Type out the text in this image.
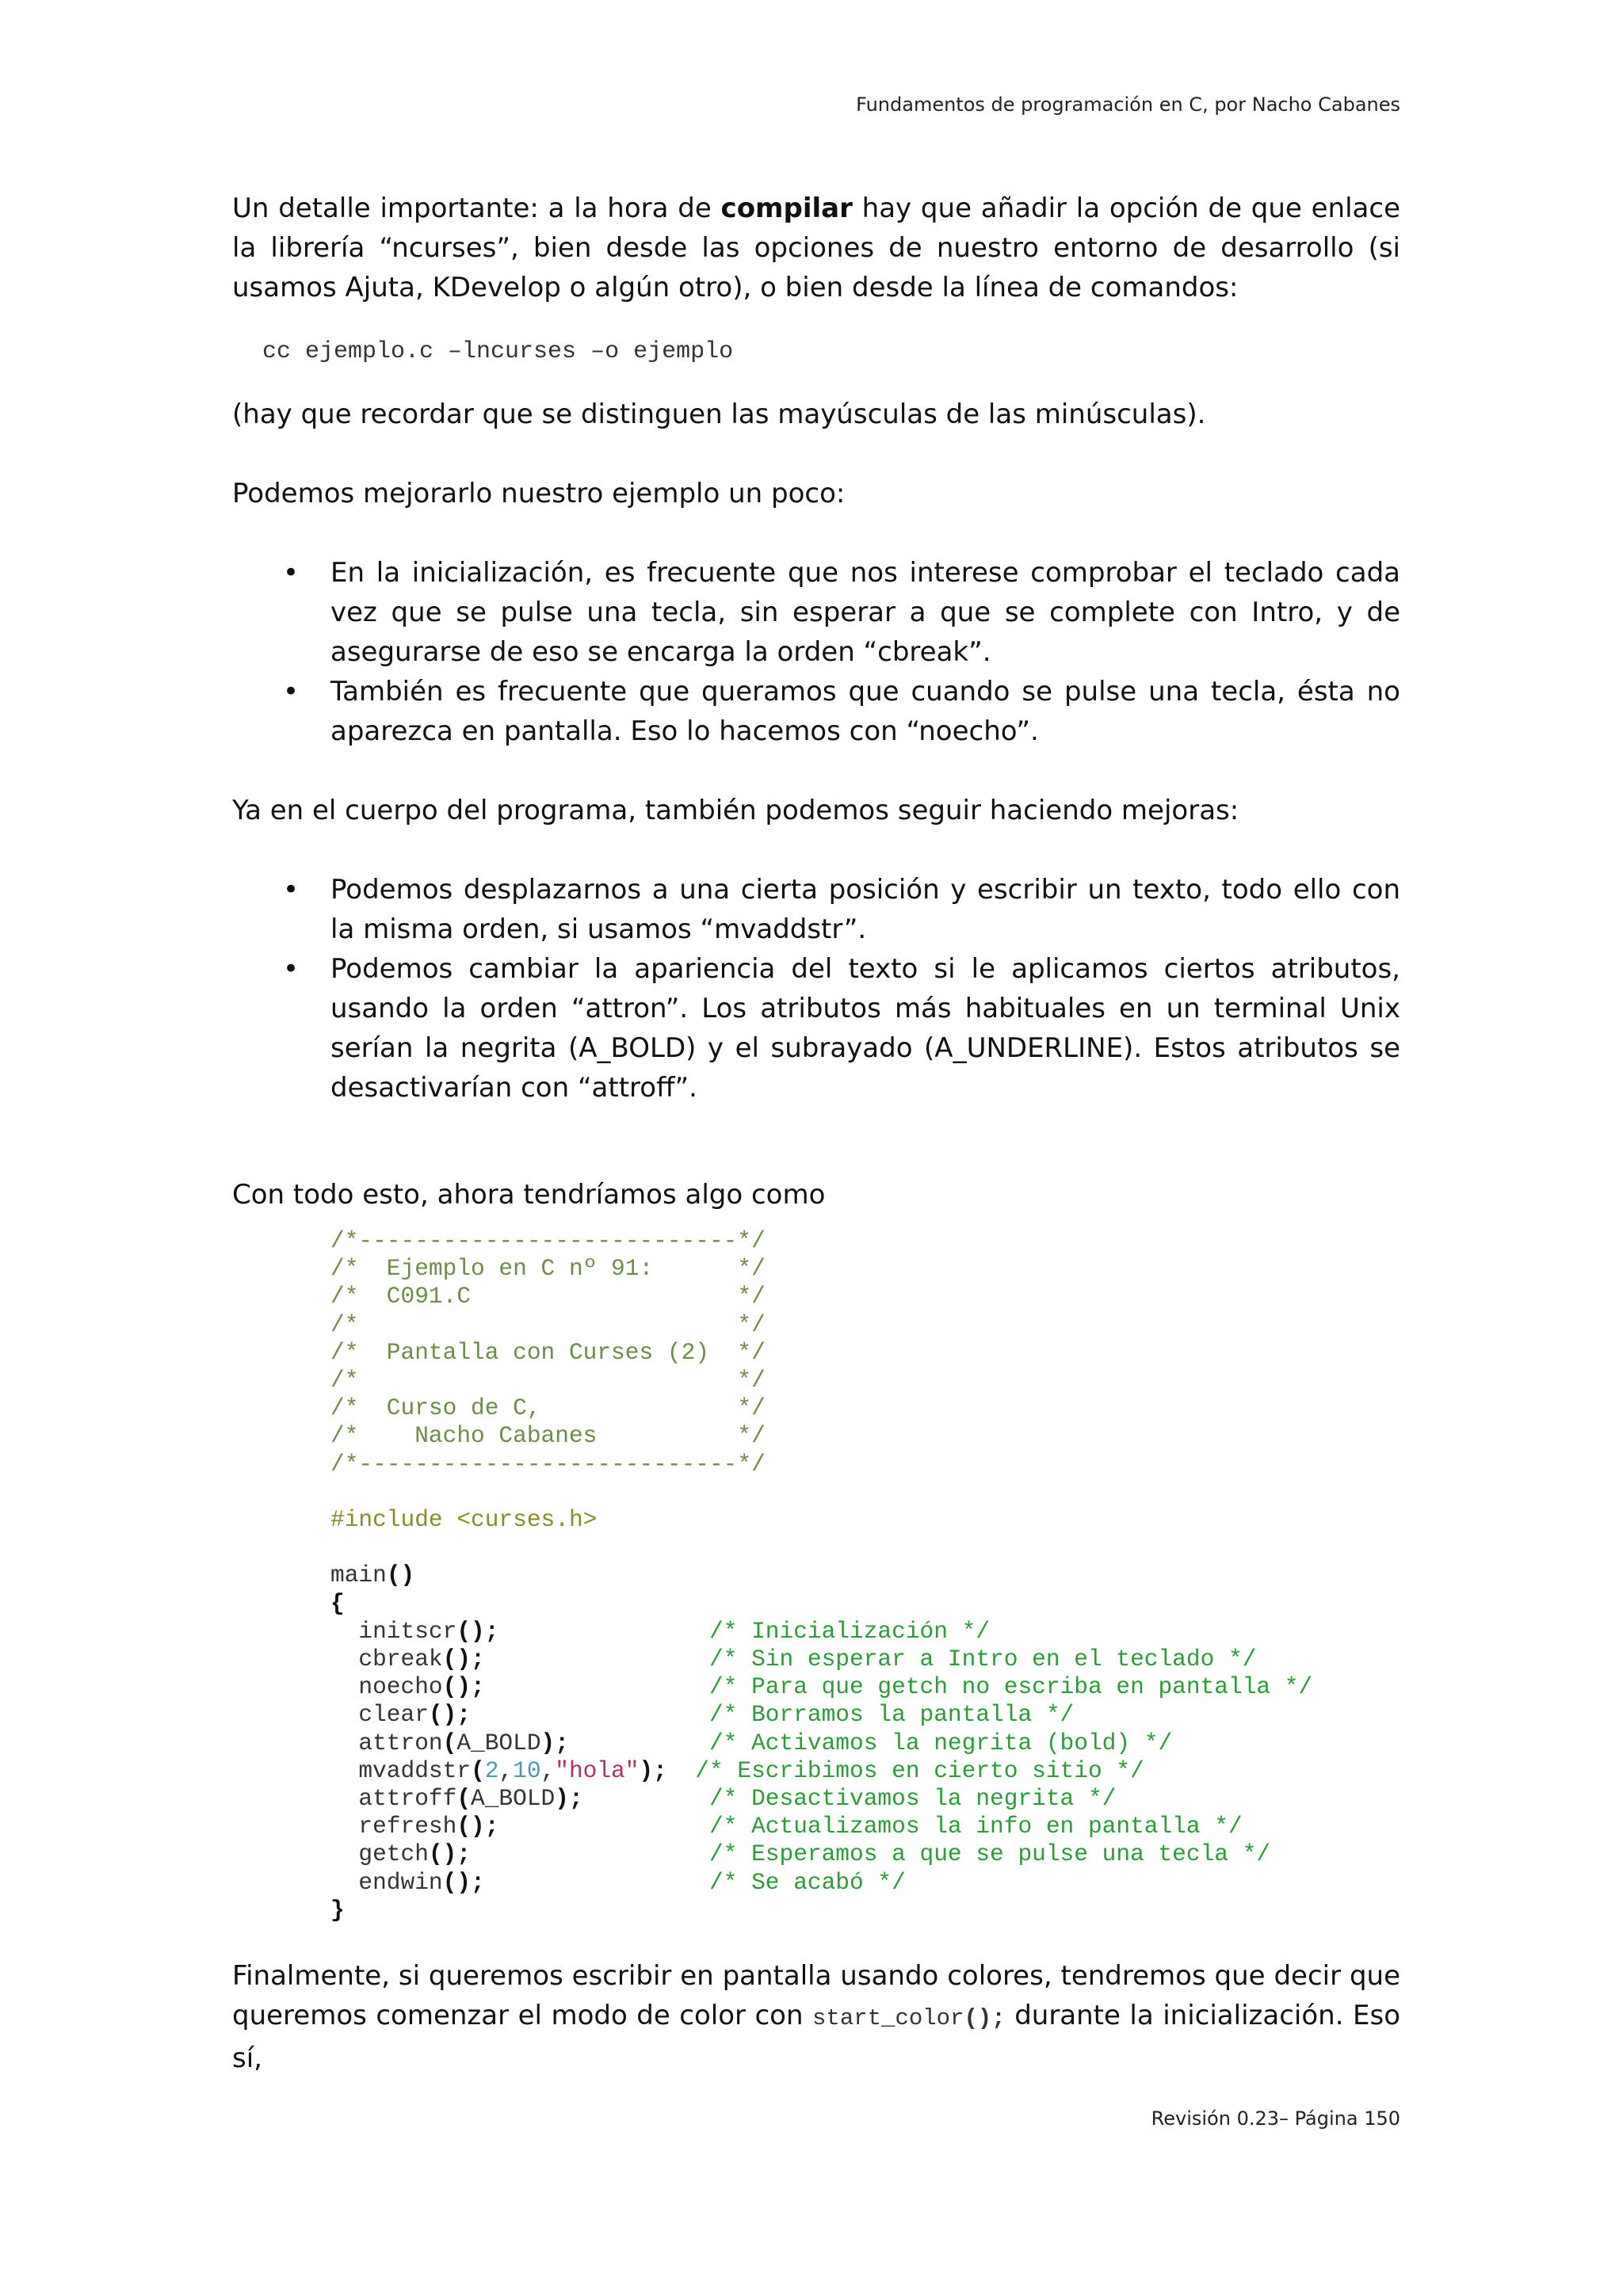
Fundamentos de programación en C, por Nacho Cabanes

Un detalle importante: a la hora de compilar hay que añadir la opción de que enlace la librería “ncurses”, bien desde las opciones de nuestro entorno de desarrollo (si usamos Ajuta, KDevelop o algún otro), o bien desde la línea de comandos:

cc ejemplo.c –lncurses –o ejemplo

(hay que recordar que se distinguen las mayúsculas de las minúsculas).

Podemos mejorarlo nuestro ejemplo un poco:

• En la inicialización, es frecuente que nos interese comprobar el teclado cada vez que se pulse una tecla, sin esperar a que se complete con Intro, y de asegurarse de eso se encarga la orden “cbreak”.
• También es frecuente que queramos que cuando se pulse una tecla, ésta no aparezca en pantalla. Eso lo hacemos con “noecho”.

Ya en el cuerpo del programa, también podemos seguir haciendo mejoras:

• Podemos desplazarnos a una cierta posición y escribir un texto, todo ello con la misma orden, si usamos “mvaddstr”.
• Podemos cambiar la apariencia del texto si le aplicamos ciertos atributos, usando la orden “attron”. Los atributos más habituales en un terminal Unix serían la negrita (A_BOLD) y el subrayado (A_UNDERLINE). Estos atributos se desactivarían con “attroff”.

Con todo esto, ahora tendríamos algo como

/*---------------------------*/
/*  Ejemplo en C nº 91:      */
/*  C091.C                   */
/*                           */
/*  Pantalla con Curses (2)  */
/*                           */
/*  Curso de C,              */
/*    Nacho Cabanes          */
/*---------------------------*/

#include <curses.h>

main()
{
initscr();	/* Inicialización */
cbreak();	/* Sin esperar a Intro en el teclado */
noecho();	/* Para que getch no escriba en pantalla */
clear();	/* Borramos la pantalla */
attron(A_BOLD);	/* Activamos la negrita (bold) */
mvaddstr(2,10,"hola"); /* Escribimos en cierto sitio */
attroff(A_BOLD);	/* Desactivamos la negrita */
refresh();	/* Actualizamos la info en pantalla */
getch();	/* Esperamos a que se pulse una tecla */
endwin();	/* Se acabó */
}

Finalmente, si queremos escribir en pantalla usando colores, tendremos que decir que queremos comenzar el modo de color con start_color(); durante la inicialización. Eso sí,

Revisión 0.23– Página 150
